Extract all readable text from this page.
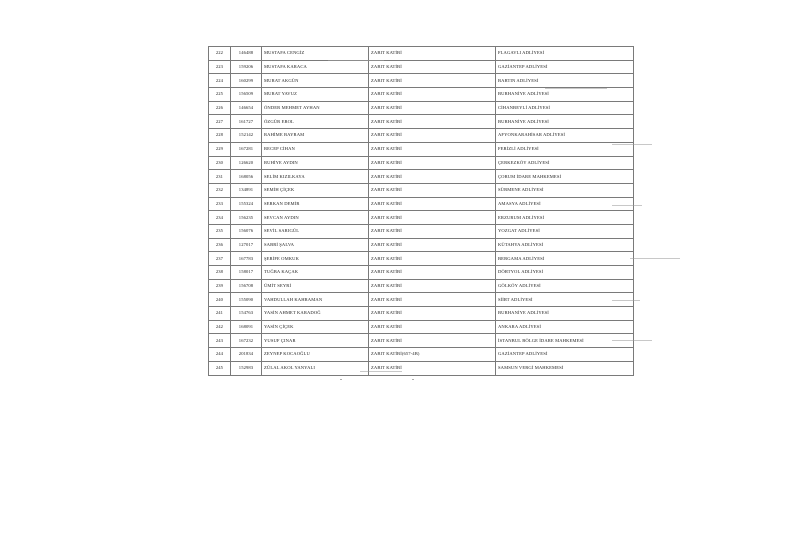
222	146488	MUSTAFA CENGİZ	ZABIT KATİBİ	FLAGAVLI ADLİYESİ
223	159206	MUSTAFA KARACA	ZABIT KATİBİ	GAZİANTEP ADLİYESİ
224	160299	MURAT AKGÜN	ZABIT KATİBİ	BARTIN ADLİYESİ
225	156509	MURAT YAVUZ	ZABIT KATİBİ	BURHANİYE ADLİYESİ
226	146654	ÖNDER MEHMET AYHAN	ZABIT KATİBİ	CİHANBEYLİ ADLİYESİ
227	161727	ÖZGÜR EROL	ZABIT KATİBİ	BURHANİYE ADLİYESİ
228	152142	RAHİME BAYRAM	ZABIT KATİBİ	AFYONKARAHİSAR ADLİYESİ
229	167281	RECEP CİHAN	ZABIT KATİBİ	FERİZLİ ADLİYESİ
230	126620	RUHİYE AYDIN	ZABIT KATİBİ	ÇERKEZKÖY ADLİYESİ
231	168056	SELİM KIZILKAYA	ZABIT KATİBİ	ÇORUM İDARE MAHKEMESİ
232	134891	SEMİH ÇİÇEK	ZABIT KATİBİ	SÜRMENE ADLİYESİ
233	155324	SERKAN DEMİR	ZABIT KATİBİ	AMASYA ADLİYESİ
234	156235	SEVCAN AYDIN	ZABIT KATİBİ	ERZURUM ADLİYESİ
235	156076	SEVİL SARIGÜL	ZABIT KATİBİ	YOZGAT ADLİYESİ
236	127017	SABRİ ŞALVA	ZABIT KATİBİ	KÜTAHYA ADLİYESİ
237	167783	ŞERİFE OMKUK	ZABIT KATİBİ	BERGAMA ADLİYESİ
238	158017	TUĞBA KAÇAK	ZABIT KATİBİ	DÖRTYOL ADLİYESİ
239	156708	ÜMİT SEYRİ	ZABIT KATİBİ	GÖLKÖY ADLİYESİ
240	155090	VAHDULLAH KAHRAMAN	ZABIT KATİBİ	SİİRT ADLİYESİ
241	154763	YASİN AHMET KARADOĞ	ZABIT KATİBİ	BURHANİYE ADLİYESİ
242	168091	YASİN ÇİÇEK	ZABIT KATİBİ	ANKARA ADLİYESİ
243	167232	YUSUF ÇINAR	ZABIT KATİBİ	İSTANBUL BÖLGE İDARE MAHKEMESİ
244	201834	ZEYNEP KOCAOĞLU	ZABIT KATİBİ(657-4B)	GAZİANTEP ADLİYESİ
245	152983	ZÜLAL AKOL YANYALI	ZABIT KATİBİ	SAMSUN VERGİ MAHKEMESİ
